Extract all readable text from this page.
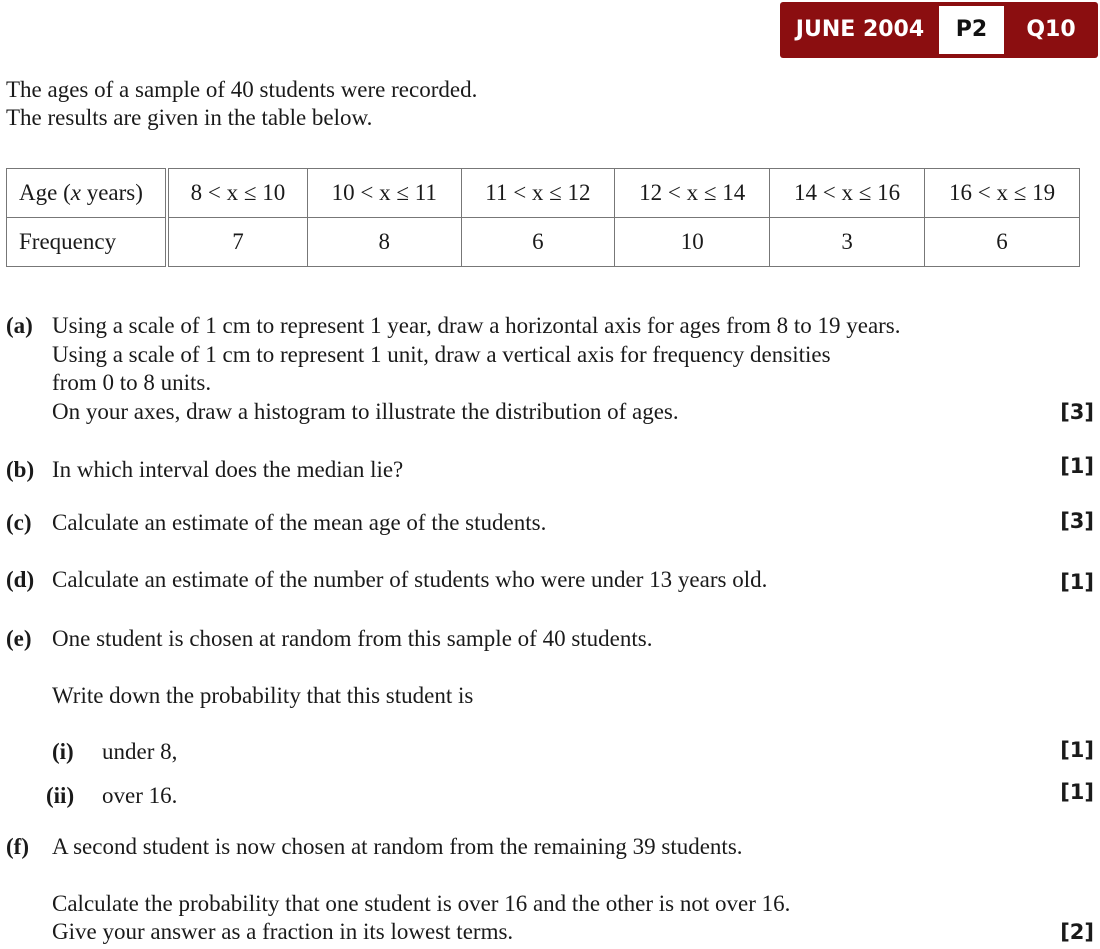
JUNE 2004	P2	Q10
The ages of a sample of 40 students were recorded.
The results are given in the table below.
Age (x years)	8 < x ≤ 10	10 < x ≤ 11	11 < x ≤ 12	12 < x ≤ 14	14 < x ≤ 16	16 < x ≤ 19
Frequency	7	8	6	10	3	6
(a) Using a scale of 1 cm to represent 1 year, draw a horizontal axis for ages from 8 to 19 years.
Using a scale of 1 cm to represent 1 unit, draw a vertical axis for frequency densities
from 0 to 8 units.
On your axes, draw a histogram to illustrate the distribution of ages.	[3]
(b) In which interval does the median lie?	[1]
(c) Calculate an estimate of the mean age of the students.	[3]
(d) Calculate an estimate of the number of students who were under 13 years old.	[1]
(e) One student is chosen at random from this sample of 40 students.
Write down the probability that this student is
(i) under 8,	[1]
(ii) over 16.	[1]
(f) A second student is now chosen at random from the remaining 39 students.
Calculate the probability that one student is over 16 and the other is not over 16.
Give your answer as a fraction in its lowest terms.	[2]
